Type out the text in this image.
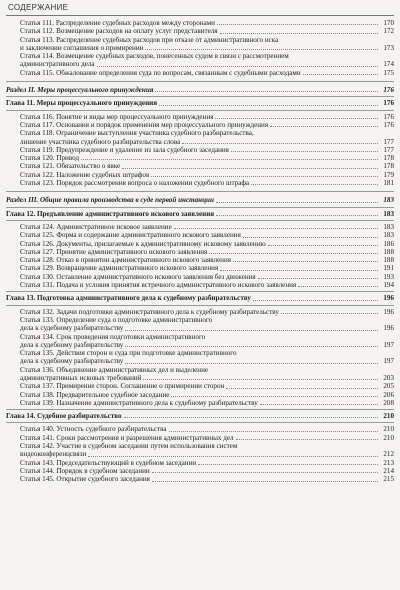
СОДЕРЖАНИЕ
Статья 111. Распределение судебных расходов между сторонами	170
Статья 112. Возмещение расходов на оплату услуг представителя	172
Статья 113. Распределение судебных расходов при отказе от административного иска
и заключении соглашения о примирении	173
Статья 114. Возмещение судебных расходов, понесенных судом в связи с рассмотрением
административного дела	174
Статья 115. Обжалование определения суда по вопросам, связанным с судебными расходами	175
Раздел II. Меры процессуального принуждения	176
Глава 11. Меры процессуального принуждения	176
Статья 116. Понятие и виды мер процессуального принуждения	176
Статья 117. Основания и порядок применения мер процессуального принуждения	176
Статья 118. Ограничение выступления участника судебного разбирательства,
лишение участника судебного разбирательства слова	177
Статья 119. Предупреждение и удаление из зала судебного заседания	177
Статья 120. Привод	178
Статья 121. Обязательство о явке	178
Статья 122. Наложение судебных штрафов	179
Статья 123. Порядок рассмотрения вопроса о наложении судебного штрафа	181
Раздел III. Общие правила производства в суде первой инстанции	183
Глава 12. Предъявление административного искового заявления	183
Статья 124. Административное исковое заявление	183
Статья 125. Форма и содержание административного искового заявления	183
Статья 126. Документы, прилагаемые к административному исковому заявлению	186
Статья 127. Принятие административного искового заявления	188
Статья 128. Отказ в принятии административного искового заявления	188
Статья 129. Возвращение административного искового заявления	191
Статья 130. Оставление административного искового заявления без движения	193
Статья 131. Подача и условия принятия встречного административного искового заявления	194
Глава 13. Подготовка административного дела к судебному разбирательству	196
Статья 132. Задачи подготовки административного дела к судебному разбирательству	196
Статья 133. Определение суда о подготовке административного
дела к судебному разбирательству	196
Статья 134. Срок проведения подготовки административного
дела к судебному разбирательству	197
Статья 135. Действия сторон и суда при подготовке административного
дела к судебному разбирательству	197
Статья 136. Объединение административных дел и выделение
административных исковых требований	203
Статья 137. Примирение сторон. Соглашение о примирении сторон	205
Статья 138. Предварительное судебное заседание	206
Статья 139. Назначение административного дела к судебному разбирательству	208
Глава 14. Судебное разбирательство	210
Статья 140. Устность судебного разбирательства	210
Статья 141. Сроки рассмотрения и разрешения административных дел	210
Статья 142. Участие в судебном заседании путем использования систем
видеоконференцсвязи	212
Статья 143. Председательствующий в судебном заседании	213
Статья 144. Порядок в судебном заседании	214
Статья 145. Открытие судебного заседания	215
